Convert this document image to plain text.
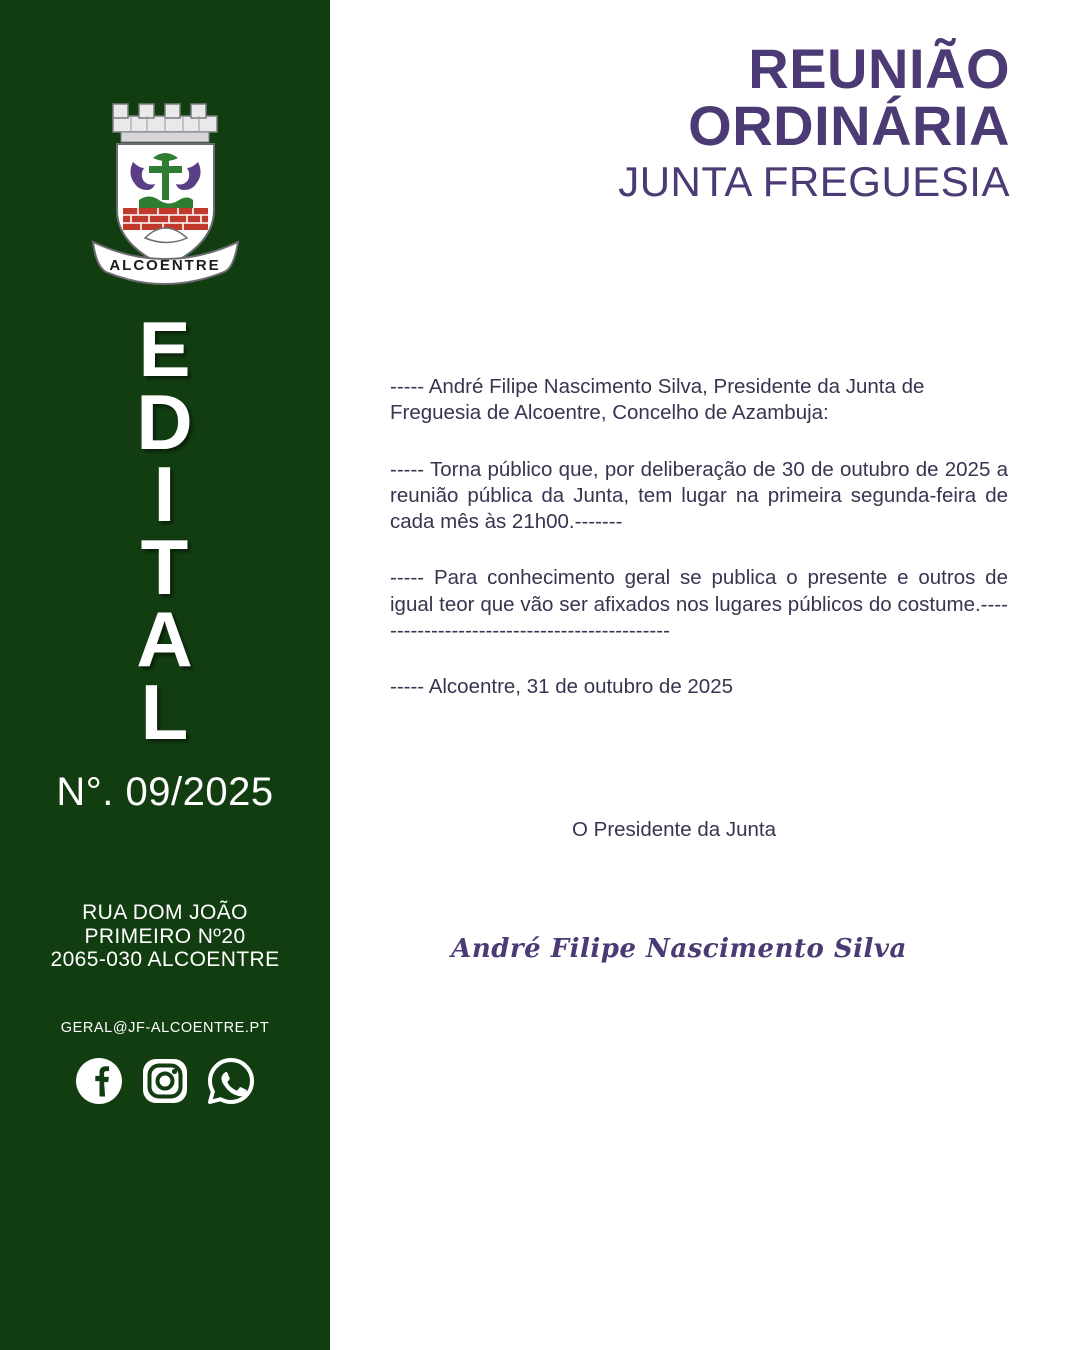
ALCOENTRE
E
D
I
T
A
L
N°. 09/2025
RUA DOM JOÃO
PRIMEIRO Nº20
2065-030 ALCOENTRE
GERAL@JF-ALCOENTRE.PT
REUNIÃO
ORDINÁRIA
JUNTA FREGUESIA

----- André Filipe Nascimento Silva, Presidente da Junta de Freguesia de Alcoentre, Concelho de Azambuja:

----- Torna público que, por deliberação de 30 de outubro de 2025 a reunião pública da Junta, tem lugar na primeira segunda-feira de cada mês às 21h00.-------

----- Para conhecimento geral se publica o presente e outros de igual teor que vão ser afixados nos lugares públicos do costume.---------------------------------------------

----- Alcoentre, 31 de outubro de 2025

O Presidente da Junta
André Filipe Nascimento Silva
